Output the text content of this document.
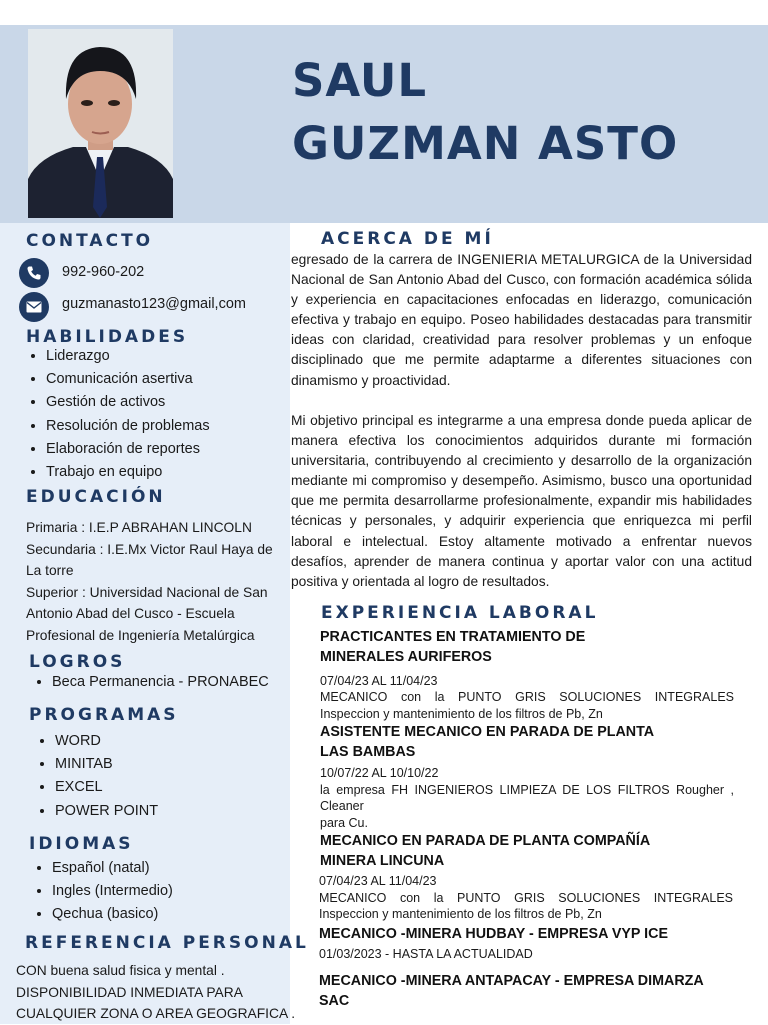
SAUL
GUZMAN ASTO
CONTACTO
992-960-202
guzmanasto123@gmail,com
HABILIDADES
• Liderazgo
• Comunicación asertiva
• Gestión de activos
• Resolución de problemas
• Elaboración de reportes
• Trabajo en equipo
EDUCACIÓN
Primaria : I.E.P ABRAHAN LINCOLN
Secundaria : I.E.Mx Victor Raul Haya de La torre
Superior : Universidad Nacional de San Antonio Abad del Cusco - Escuela Profesional de Ingeniería Metalúrgica
LOGROS
• Beca Permanencia - PRONABEC
PROGRAMAS
• WORD
• MINITAB
• EXCEL
• POWER POINT
IDIOMAS
• Español (natal)
• Ingles (Intermedio)
• Qechua (basico)
REFERENCIA PERSONAL
CON buena salud fisica y mental .
DISPONIBILIDAD INMEDIATA PARA
CUALQUIER ZONA O AREA GEOGRAFICA .
ACERCA DE MÍ
egresado de la carrera de INGENIERIA METALURGICA de la Universidad Nacional de San Antonio Abad del Cusco, con formación académica sólida y experiencia en capacitaciones enfocadas en liderazgo, comunicación efectiva y trabajo en equipo. Poseo habilidades destacadas para transmitir ideas con claridad, creatividad para resolver problemas y un enfoque disciplinado que me permite adaptarme a diferentes situaciones con dinamismo y proactividad.
Mi objetivo principal es integrarme a una empresa donde pueda aplicar de manera efectiva los conocimientos adquiridos durante mi formación universitaria, contribuyendo al crecimiento y desarrollo de la organización mediante mi compromiso y desempeño. Asimismo, busco una oportunidad que me permita desarrollarme profesionalmente, expandir mis habilidades técnicas y personales, y adquirir experiencia que enriquezca mi perfil laboral e intelectual. Estoy altamente motivado a enfrentar nuevos desafíos, aprender de manera continua y aportar valor con una actitud positiva y orientada al logro de resultados.
EXPERIENCIA LABORAL
PRACTICANTES EN TRATAMIENTO DE
MINERALES AURIFEROS
07/04/23 AL 11/04/23
MECANICO con la PUNTO GRIS SOLUCIONES INTEGRALES
Inspeccion y mantenimiento de los filtros de Pb, Zn
ASISTENTE MECANICO EN PARADA DE PLANTA
LAS BAMBAS
10/07/22 AL 10/10/22
la empresa FH INGENIEROS LIMPIEZA DE LOS FILTROS Rougher ,
Cleaner
para Cu.
MECANICO EN PARADA DE PLANTA COMPAÑÍA
MINERA LINCUNA
07/04/23 AL 11/04/23
MECANICO con la PUNTO GRIS SOLUCIONES INTEGRALES
Inspeccion y mantenimiento de los filtros de Pb, Zn
MECANICO -MINERA HUDBAY - EMPRESA VYP ICE
01/03/2023 - HASTA LA ACTUALIDAD
MECANICO -MINERA ANTAPACAY - EMPRESA DIMARZA
SAC
